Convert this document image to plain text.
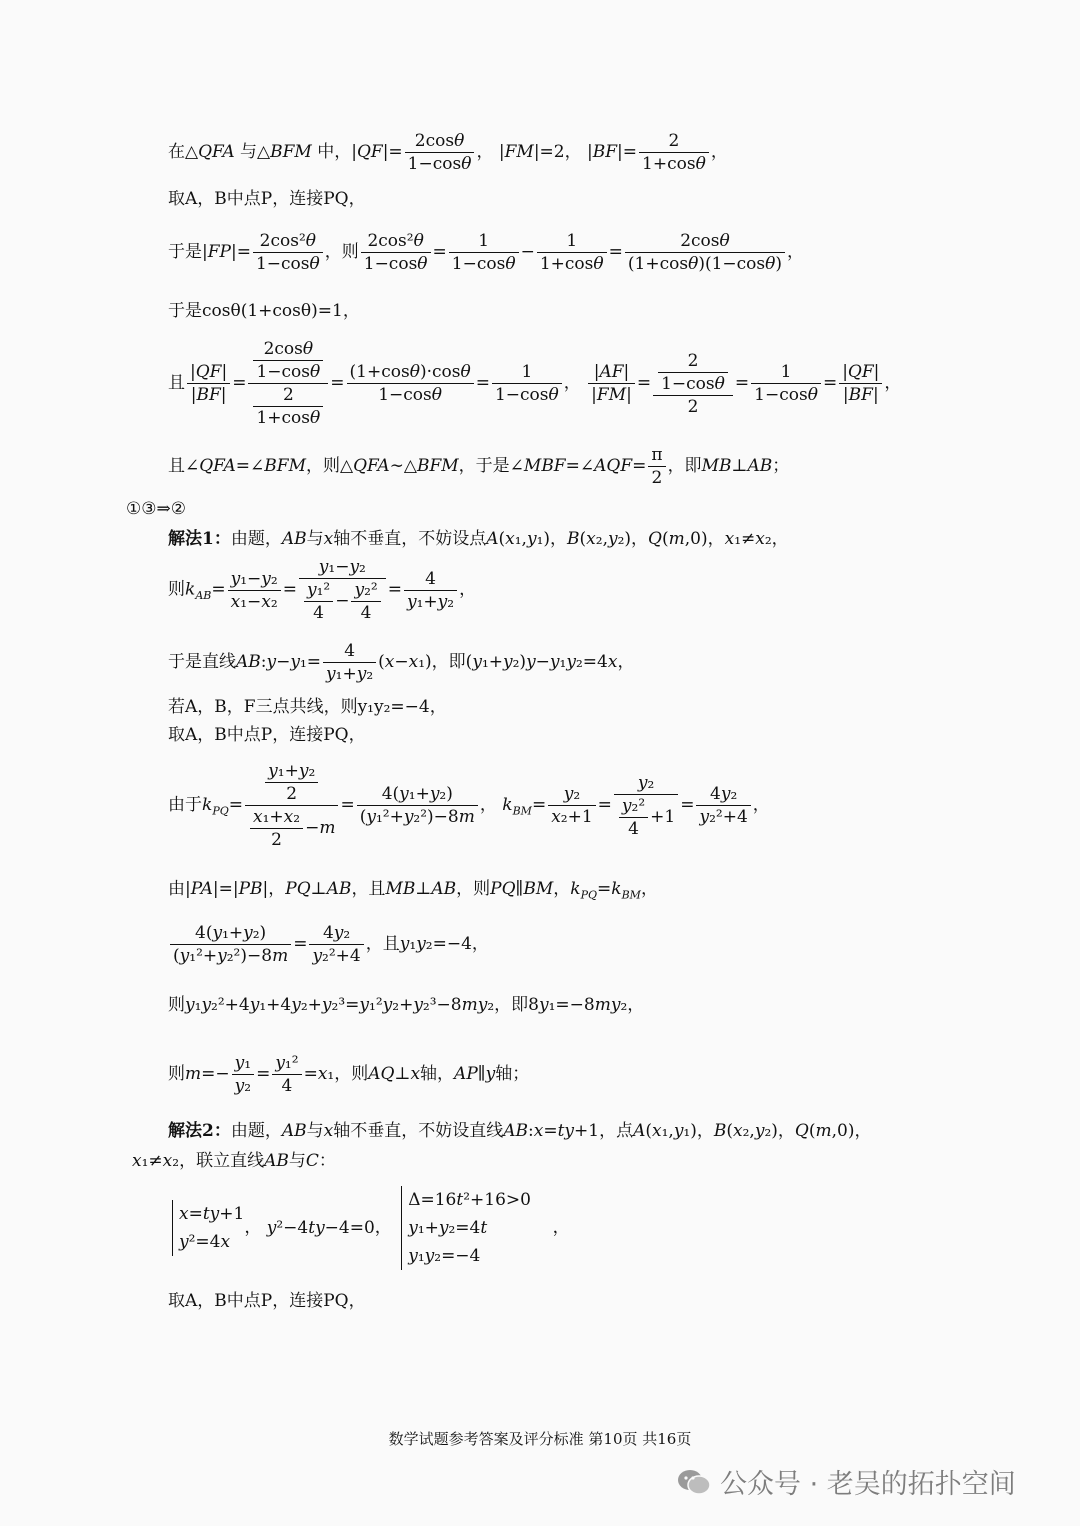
在△QFA 与△BFM 中，$|QF|= \frac{2\cos\theta}{1-\cos\theta}$ ， |FM|=2， $|BF|= \frac{2}{1+\cos\theta}$ ，
取A，B中点P，连接PQ，
于是$|FP|= \frac{\text{2cos²θ}}{1-\cos\theta}$ ，则 $\frac{\text{2cos²θ}}{1-\cos\theta} = \frac{1}{1-\cos\theta} - \frac{1}{1+\cos\theta} = \frac{2\cos\theta}{(1+\cos\theta)(1-\cos\theta)}$ ，
于是cosθ(1+cosθ)=1，
且 $\frac{|QF|}{|BF|} = \frac{\frac{2\cos\theta}{1-\cos\theta}}{\frac{2}{1+\cos\theta}} = \frac{(1+\cos\theta)\cdot\cos\theta}{1-\cos\theta} = \frac{1}{1-\cos\theta}$ ， $\frac{|AF|}{|FM|} = \frac{\frac{2}{1-\cos\theta}}{2} = \frac{1}{1-\cos\theta} = \frac{|QF|}{|BF|}$ ，
且∠QFA=∠BFM，则△QFA∼△BFM，于是∠MBF=∠AQF= $\frac{\pi}{2}$ ，即MB⊥AB；
①③⇒②
解法1：由题，AB与x轴不垂直，不妨设点A(x₁,y₁)，B(x₂,y₂)，Q(m,0)，x₁≠x₂，
则$k_{AB}= \frac{\text{y₁−y₂}}{\text{x₁−x₂}} = \frac{\text{y₁−y₂}}{\frac{\text{y₁²}}{4} - \frac{\text{y₂²}}{4}} = \frac{4}{\text{y₁+y₂}}$ ，
于是直线AB:y−y₁= $\frac{4}{\text{y₁+y₂}} (x-x_1)$，即(y₁+y₂)y−y₁y₂=4x，
若A，B，F三点共线，则y₁y₂=−4，
取A，B中点P，连接PQ，
由于$k_{PQ}= \frac{\frac{\text{y₁+y₂}}{2}}{\frac{\text{x₁+x₂}}{2} -m} = \frac{\text{4(y₁+y₂)}}{\text{(y₁²+y₂²)−8m}}$ ， $k_{BM}= \frac{\text{y₂}}{\text{x₂+1}} = \frac{\text{y₂}}{\frac{\text{y₂²}}{4} +1} = \frac{\text{4y₂}}{\text{y₂²+4}}$ ，
由|PA|=|PB|，PQ⊥AB，且MB⊥AB，则PQ∥BM，$k_{PQ}=k_{BM}$，
$\frac{\text{4(y₁+y₂)}}{\text{(y₁²+y₂²)−8m}} = \frac{\text{4y₂}}{\text{y₂²+4}}$ ，且y₁y₂=−4，
则y₁y₂²+4y₁+4y₂+y₂³=y₁²y₂+y₂³−8my₂，即8y₁=−8my₂，
则$m=- \frac{\text{y₁}}{\text{y₂}} = \frac{\text{y₁²}}{4} =x_1$，则AQ⊥x轴，AP∥y轴；
解法2：由题，AB与x轴不垂直，不妨设直线AB:x=ty+1，点A(x₁,y₁)，B(x₂,y₂)，Q(m,0)，
x₁≠x₂，联立直线AB与C：
x=ty+1
y²=4x
， y²−4ty−4=0，
Δ=16t²+16>0
y₁+y₂=4t
y₁y₂=−4
，
取A，B中点P，连接PQ，
数学试题参考答案及评分标准 第10页 共16页
公众号 · 老吴的拓扑空间
